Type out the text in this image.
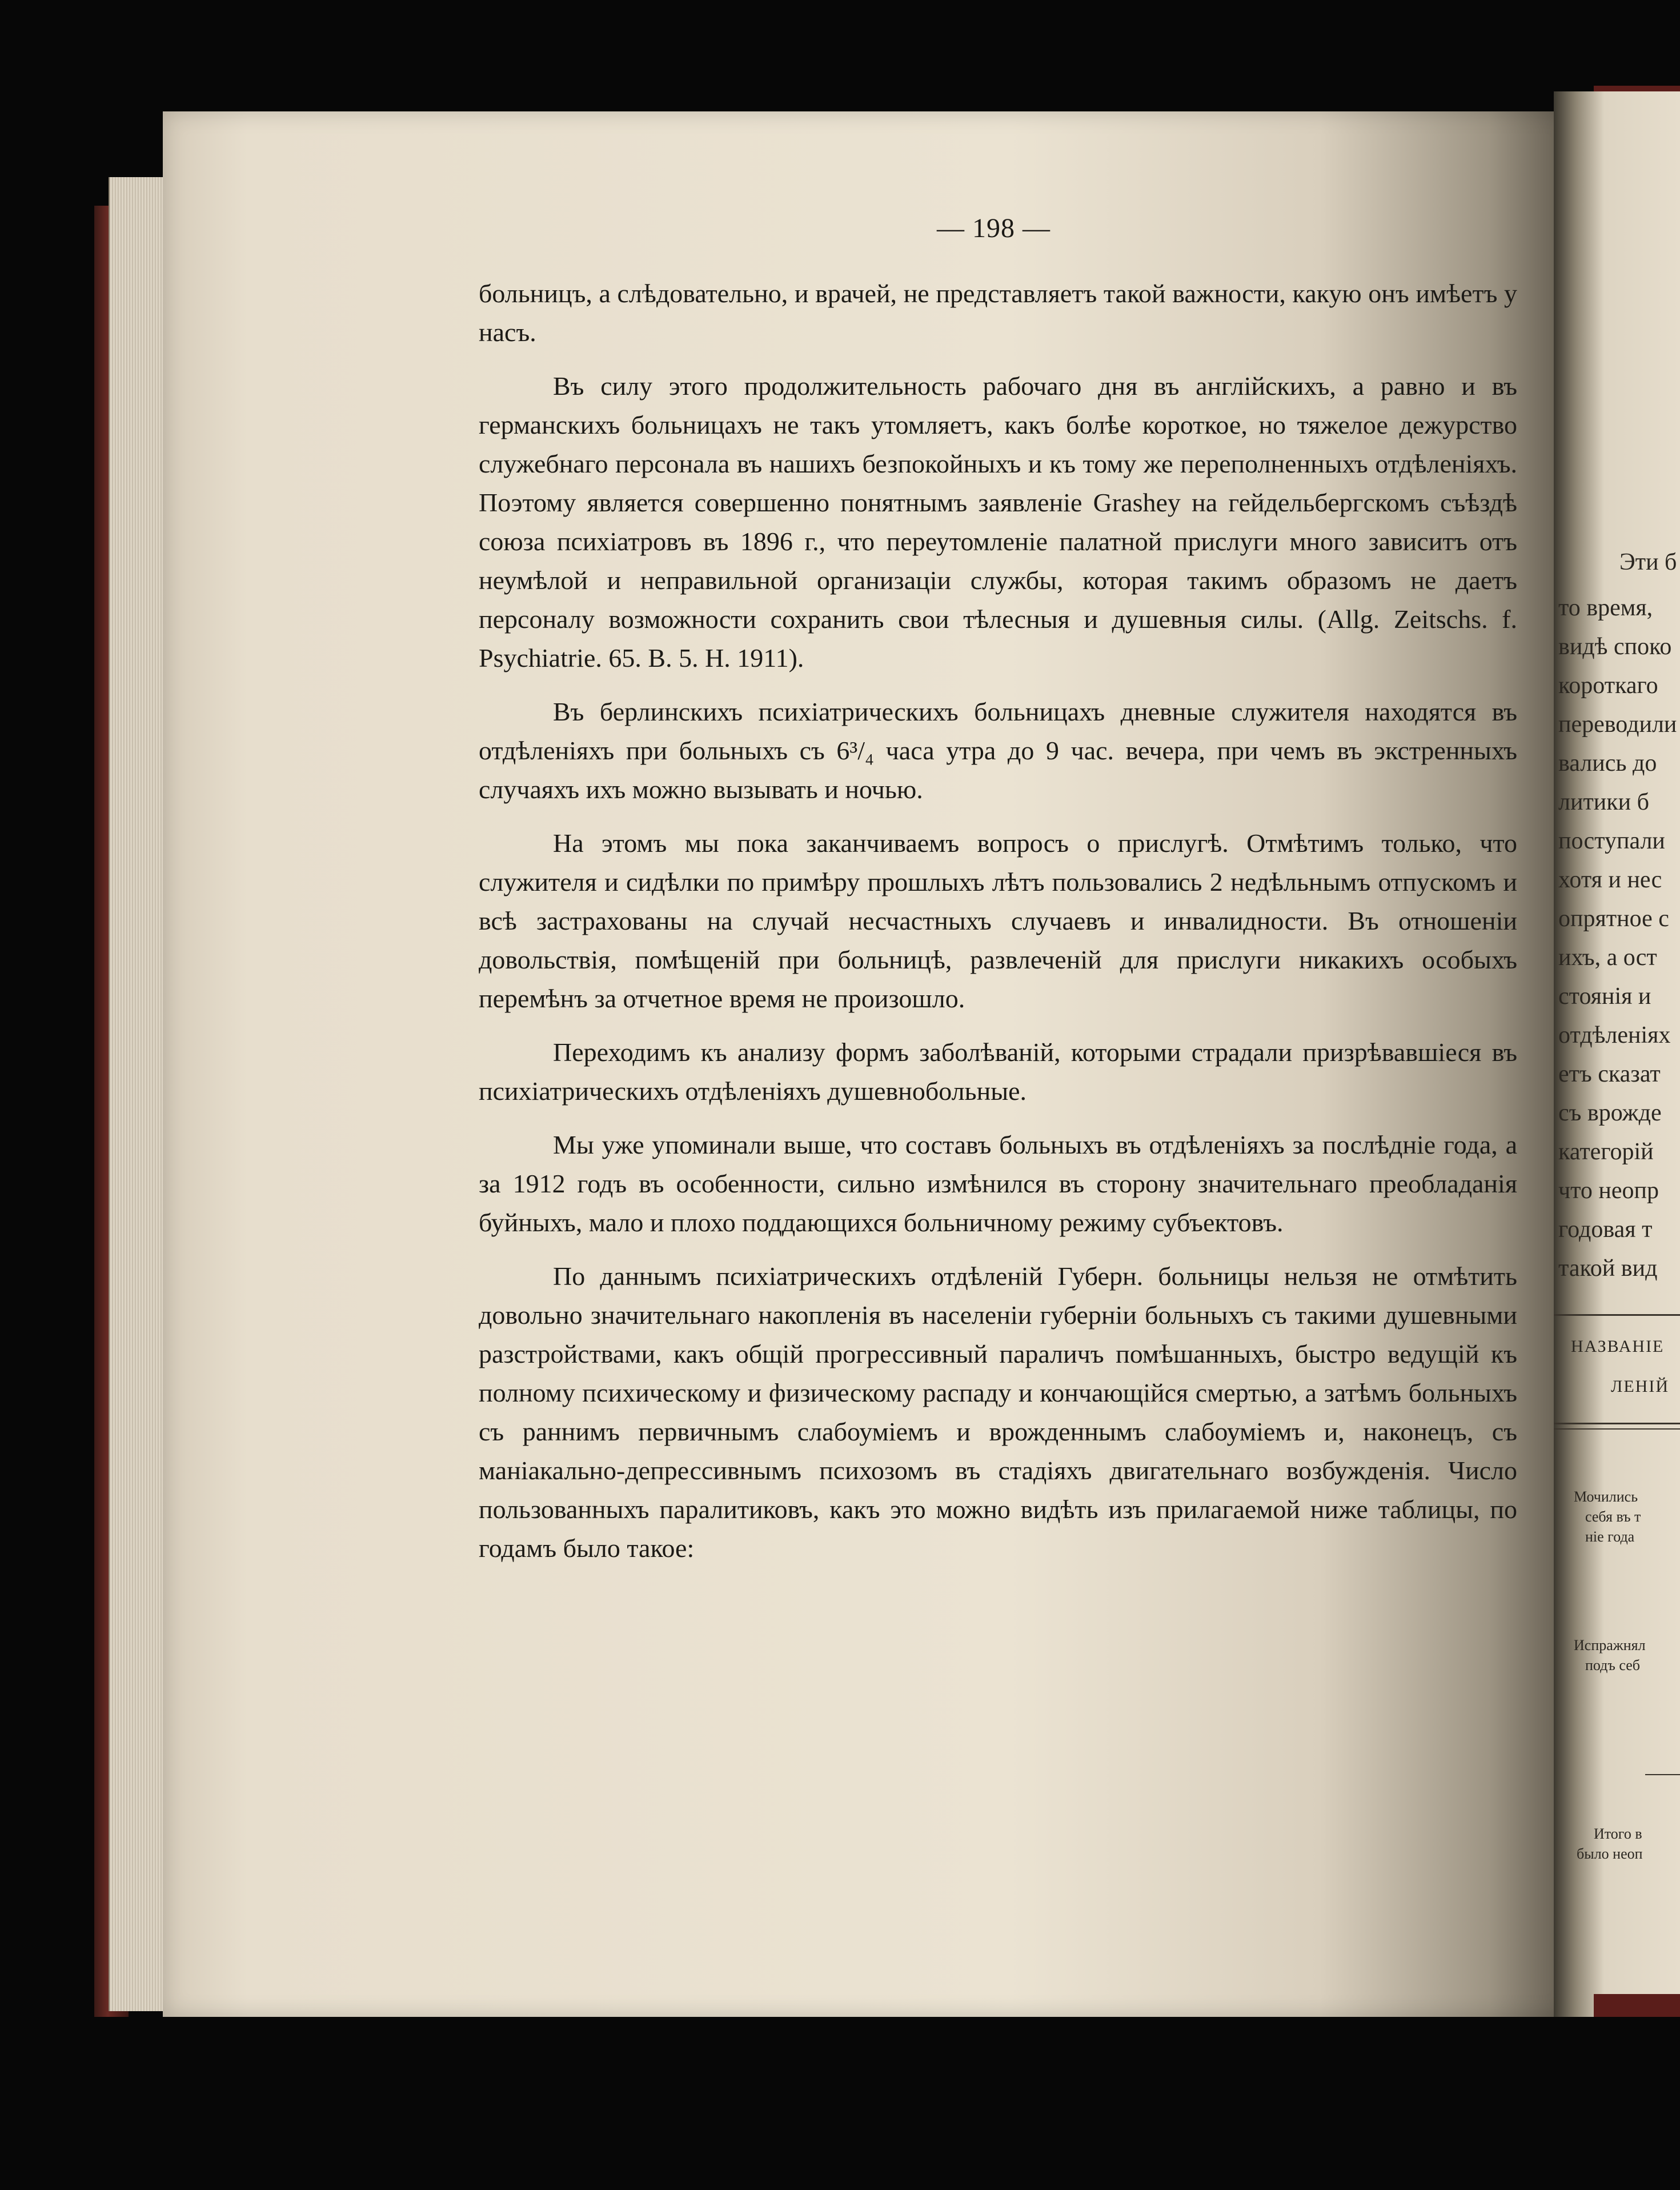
— 198 —

больницъ, а слѣдовательно, и врачей, не представляетъ такой важности, какую онъ имѣетъ у насъ.

Въ силу этого продолжительность рабочаго дня въ англійскихъ, а равно и въ германскихъ больницахъ не такъ утомляетъ, какъ болѣе короткое, но тяжелое дежурство служебнаго персонала въ нашихъ безпокойныхъ и къ тому же переполненныхъ отдѣленіяхъ. Поэтому является совершенно понятнымъ заявленіе Grashey на гейдельбергскомъ съѣздѣ союза психіатровъ въ 1896 г., что переутомленіе палатной прислуги много зависитъ отъ неумѣлой и неправильной организаціи службы, которая такимъ образомъ не даетъ персоналу возможности сохранить свои тѣлесныя и душевныя силы. (Allg. Zeitschs. f. Psychiatrie. 65. B. 5. H. 1911).

Въ берлинскихъ психіатрическихъ больницахъ дневные служителя находятся въ отдѣленіяхъ при больныхъ съ 6³/₄ часа утра до 9 час. вечера, при чемъ въ экстренныхъ случаяхъ ихъ можно вызывать и ночью.

На этомъ мы пока заканчиваемъ вопросъ о прислугѣ. Отмѣтимъ только, что служителя и сидѣлки по примѣру прошлыхъ лѣтъ пользовались 2 недѣльнымъ отпускомъ и всѣ застрахованы на случай несчастныхъ случаевъ и инвалидности. Въ отношеніи довольствія, помѣщеній при больницѣ, развлеченій для прислуги никакихъ особыхъ перемѣнъ за отчетное время не произошло.

Переходимъ къ анализу формъ заболѣваній, которыми страдали призрѣвавшіеся въ психіатрическихъ отдѣленіяхъ душевнобольные.

Мы уже упоминали выше, что составъ больныхъ въ отдѣленіяхъ за послѣдніе года, а за 1912 годъ въ особенности, сильно измѣнился въ сторону значительнаго преобладанія буйныхъ, мало и плохо поддающихся больничному режиму субъектовъ.

По даннымъ психіатрическихъ отдѣленій Губерн. больницы нельзя не отмѣтить довольно значительнаго накопленія въ населеніи губерніи больныхъ съ такими душевными разстройствами, какъ общій прогрессивный параличъ помѣшанныхъ, быстро ведущій къ полному психическому и физическому распаду и кончающійся смертью, а затѣмъ больныхъ съ раннимъ первичнымъ слабоуміемъ и врожденнымъ слабоуміемъ и, наконецъ, съ маніакально-депрессивнымъ психозомъ въ стадіяхъ двигательнаго возбужденія. Число пользованныхъ паралитиковъ, какъ это можно видѣть изъ прилагаемой ниже таблицы, по годамъ было такое:

Эти б
то время,
видѣ споко
короткаго
переводили
вались до
литики б
поступали
хотя и нес
опрятное с
ихъ, а ост
стоянія и
отдѣленіях
етъ сказат
съ врожде
категорій
что неопр
годовая т
такой вид
НАЗВАНІЕ
ЛЕНІЙ
Мочились
себя въ т
ніе года
Испражнял
подъ себ
Итого в
было неоп
